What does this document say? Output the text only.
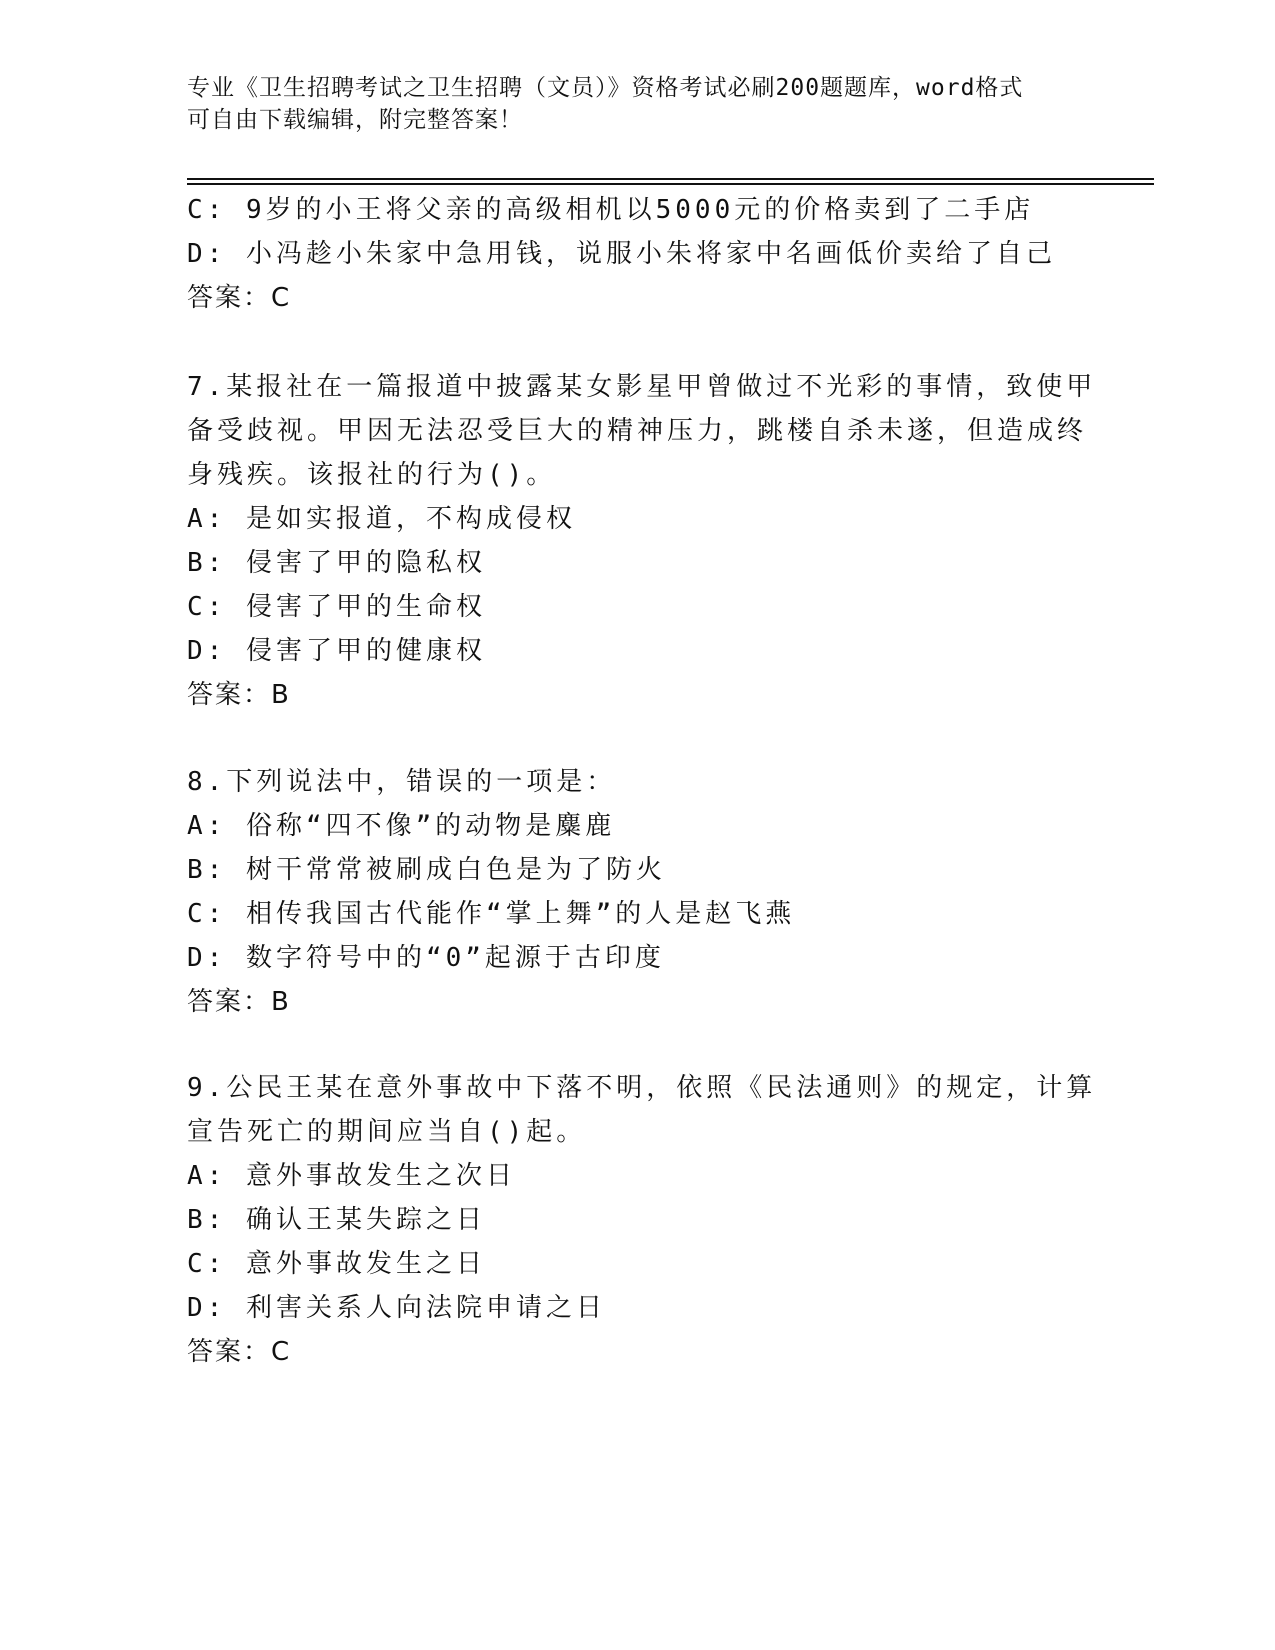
专业《卫生招聘考试之卫生招聘（文员）》资格考试必刷200题题库，word格式
可自由下载编辑，附完整答案！
C: 9岁的小王将父亲的高级相机以5000元的价格卖到了二手店
D: 小冯趁小朱家中急用钱，说服小朱将家中名画低价卖给了自己
答案：C
7.某报社在一篇报道中披露某女影星甲曾做过不光彩的事情，致使甲
备受歧视。甲因无法忍受巨大的精神压力，跳楼自杀未遂，但造成终
身残疾。该报社的行为()。
A: 是如实报道，不构成侵权
B: 侵害了甲的隐私权
C: 侵害了甲的生命权
D: 侵害了甲的健康权
答案：B
8.下列说法中，错误的一项是：
A: 俗称“四不像”的动物是麋鹿
B: 树干常常被刷成白色是为了防火
C: 相传我国古代能作“掌上舞”的人是赵飞燕
D: 数字符号中的“0”起源于古印度
答案：B
9.公民王某在意外事故中下落不明，依照《民法通则》的规定，计算
宣告死亡的期间应当自()起。
A: 意外事故发生之次日
B: 确认王某失踪之日
C: 意外事故发生之日
D: 利害关系人向法院申请之日
答案：C
